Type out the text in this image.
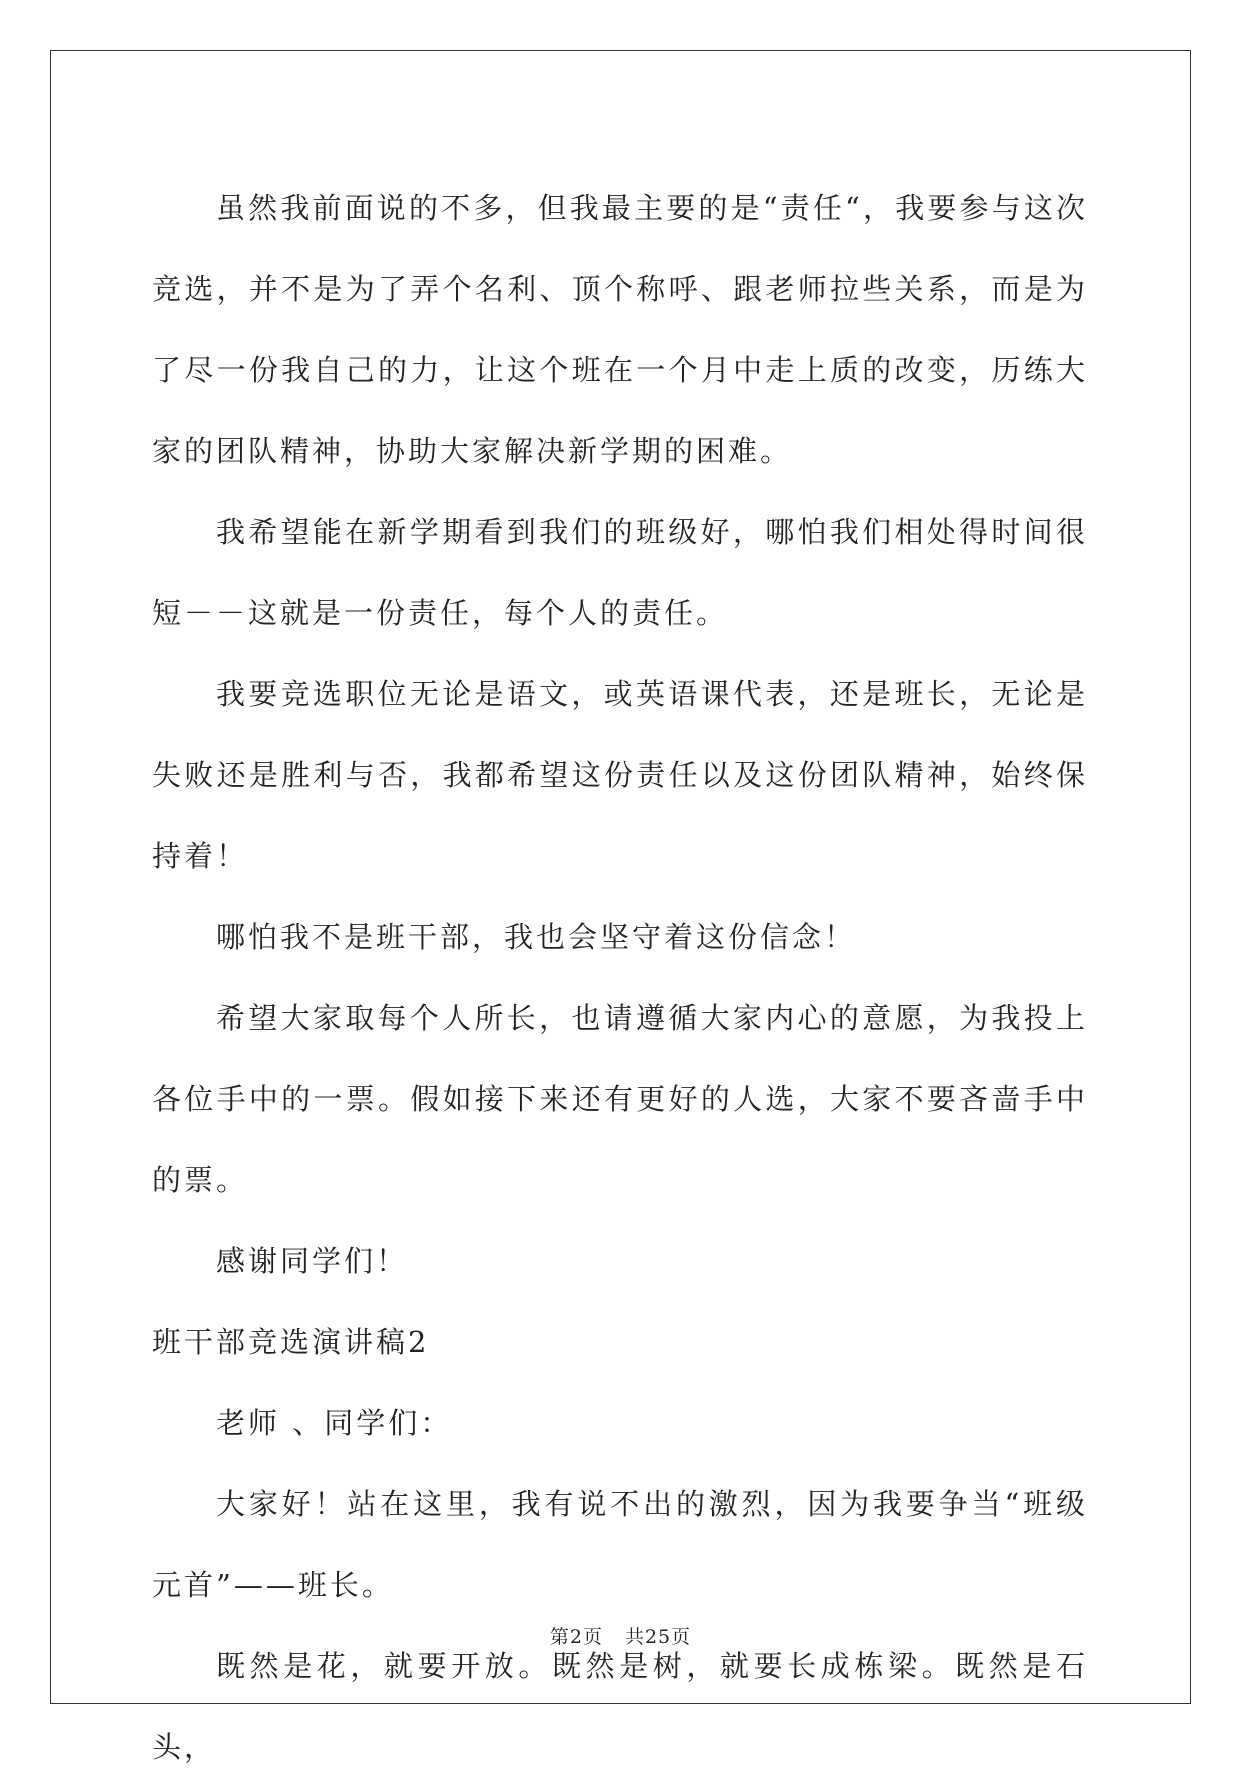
虽然我前面说的不多，但我最主要的是“责任“，我要参与这次竞选，并不是为了弄个名利、顶个称呼、跟老师拉些关系，而是为了尽一份我自己的力，让这个班在一个月中走上质的改变，历练大家的团队精神，协助大家解决新学期的困难。

我希望能在新学期看到我们的班级好，哪怕我们相处得时间很短－－这就是一份责任，每个人的责任。

我要竞选职位无论是语文，或英语课代表，还是班长，无论是失败还是胜利与否，我都希望这份责任以及这份团队精神，始终保持着！

哪怕我不是班干部，我也会坚守着这份信念！

希望大家取每个人所长，也请遵循大家内心的意愿，为我投上各位手中的一票。假如接下来还有更好的人选，大家不要吝啬手中的票。

感谢同学们！

班干部竞选演讲稿2

老师 、同学们：

大家好！站在这里，我有说不出的激烈，因为我要争当“班级元首”——班长。

既然是花，就要开放。既然是树，就要长成栋梁。既然是石头，

第2页 共25页
